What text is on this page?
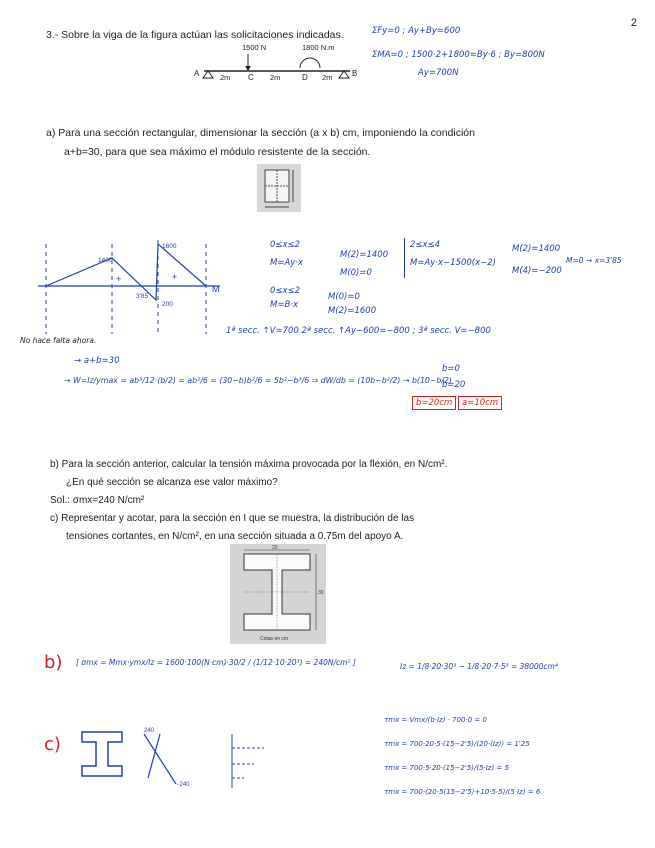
2
3.- Sobre la viga de la figura actúan las solicitaciones indicadas.
1500 N	1800 N.m
A	C	D	B
2m	2m	2m
ΣFy=0 ; Ay+By=600
ΣMA=0 ; 1500·2+1800=By·6 ; By=800N
Ay=700N
a) Para una sección rectangular, dimensionar la sección (a x b) cm, imponiendo la condición
a+b=30, para que sea máximo el módulo resistente de la sección.
1400
1600
3'85
200
+	+
M
0≤x≤2
M=Ay·x
M(2)=1400
M(0)=0
0≤x≤2
M=B·x
M(0)=0
M(2)=1600
2≤x≤4
M=Ay·x−1500(x−2)
M(2)=1400
M(4)=−200
M=0 → x=3'85
1ª secc. ↑V=700 2ª secc. ↑Ay−600=−800 ; 3ª secc. V=−800
No hace falta ahora.
→ a+b=30
→ W=Iz/ymax = ab³/12·(b/2) = ab²/6 = (30−b)b²/6 = 5b²−b³/6 ⇒ dW/db = (10b−b²/2) → b(10−b/2)
b=0
b=20
b=20cm	a=10cm
b) Para la sección anterior, calcular la tensión máxima provocada por la flexión, en N/cm².
¿En qué sección se alcanza ese valor máximo?
Sol.: σmx=240 N/cm²
c) Representar y acotar, para la sección en I que se muestra, la distribución de las
tensiones cortantes, en N/cm², en una sección situada a 0.75m del apoyo A.
20
30
Cotas en cm
b) [ σmx = Mmx·ymx/Iz = 1600·100(N·cm)·30/2 / (1/12·10·20³) = 240N/cm² ]	Iz = 1/8·20·30³ − 1/8·20·7·5³ = 38000cm⁴
c)
240
−240
τmx = Vmx/(b·Iz) · 700·0 = 0
τmx = 700·20·5·(15−2'5)/(20·(Iz)) = 1'25
τmx = 700·5·20·(15−2'5)/(5·Iz) = 5
τmx = 700·(20·5(15−2'5)+10·5·5)/(5·Iz) = 6
